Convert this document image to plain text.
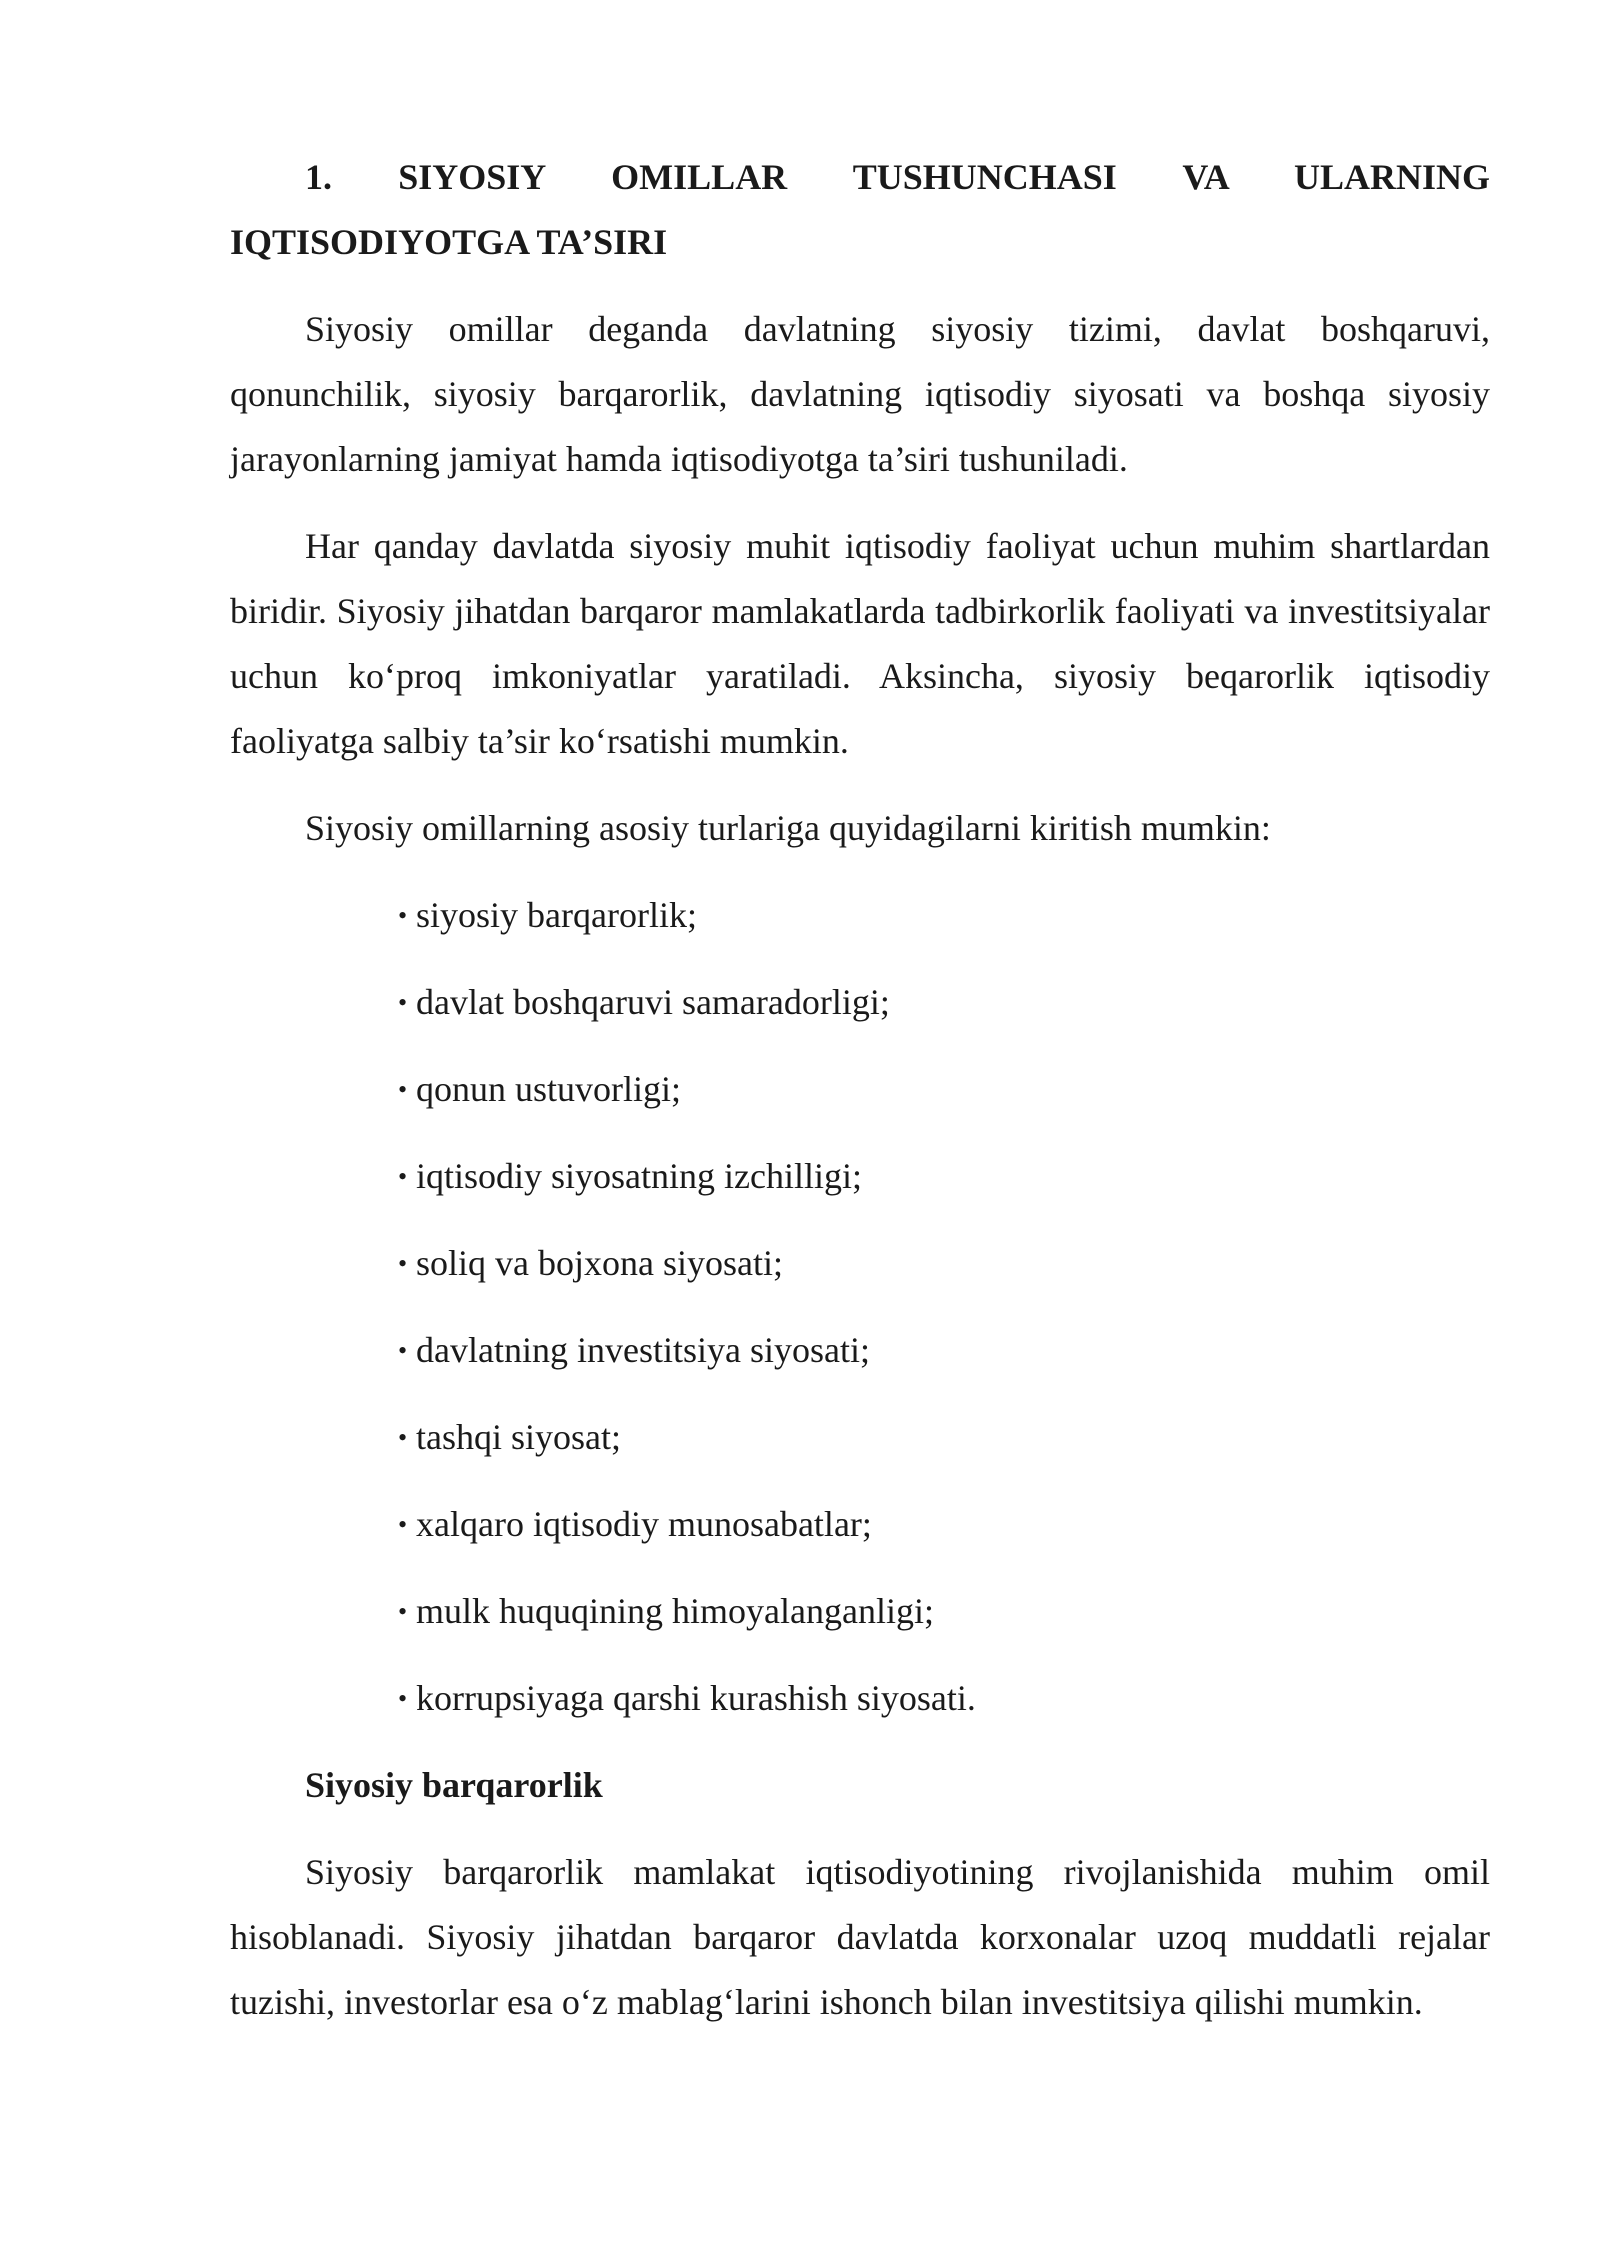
1. SIYOSIY OMILLAR TUSHUNCHASI VA ULARNING
IQTISODIYOTGA TA’SIRI

Siyosiy omillar deganda davlatning siyosiy tizimi, davlat boshqaruvi, qonunchilik, siyosiy barqarorlik, davlatning iqtisodiy siyosati va boshqa siyosiy jarayonlarning jamiyat hamda iqtisodiyotga ta’siri tushuniladi.

Har qanday davlatda siyosiy muhit iqtisodiy faoliyat uchun muhim shartlardan biridir. Siyosiy jihatdan barqaror mamlakatlarda tadbirkorlik faoliyati va investitsiyalar uchun ko‘proq imkoniyatlar yaratiladi. Aksincha, siyosiy beqarorlik iqtisodiy faoliyatga salbiy ta’sir ko‘rsatishi mumkin.

Siyosiy omillarning asosiy turlariga quyidagilarni kiritish mumkin:

• siyosiy barqarorlik;
• davlat boshqaruvi samaradorligi;
• qonun ustuvorligi;
• iqtisodiy siyosatning izchilligi;
• soliq va bojxona siyosati;
• davlatning investitsiya siyosati;
• tashqi siyosat;
• xalqaro iqtisodiy munosabatlar;
• mulk huquqining himoyalanganligi;
• korrupsiyaga qarshi kurashish siyosati.

Siyosiy barqarorlik

Siyosiy barqarorlik mamlakat iqtisodiyotining rivojlanishida muhim omil hisoblanadi. Siyosiy jihatdan barqaror davlatda korxonalar uzoq muddatli rejalar tuzishi, investorlar esa o‘z mablag‘larini ishonch bilan investitsiya qilishi mumkin.
